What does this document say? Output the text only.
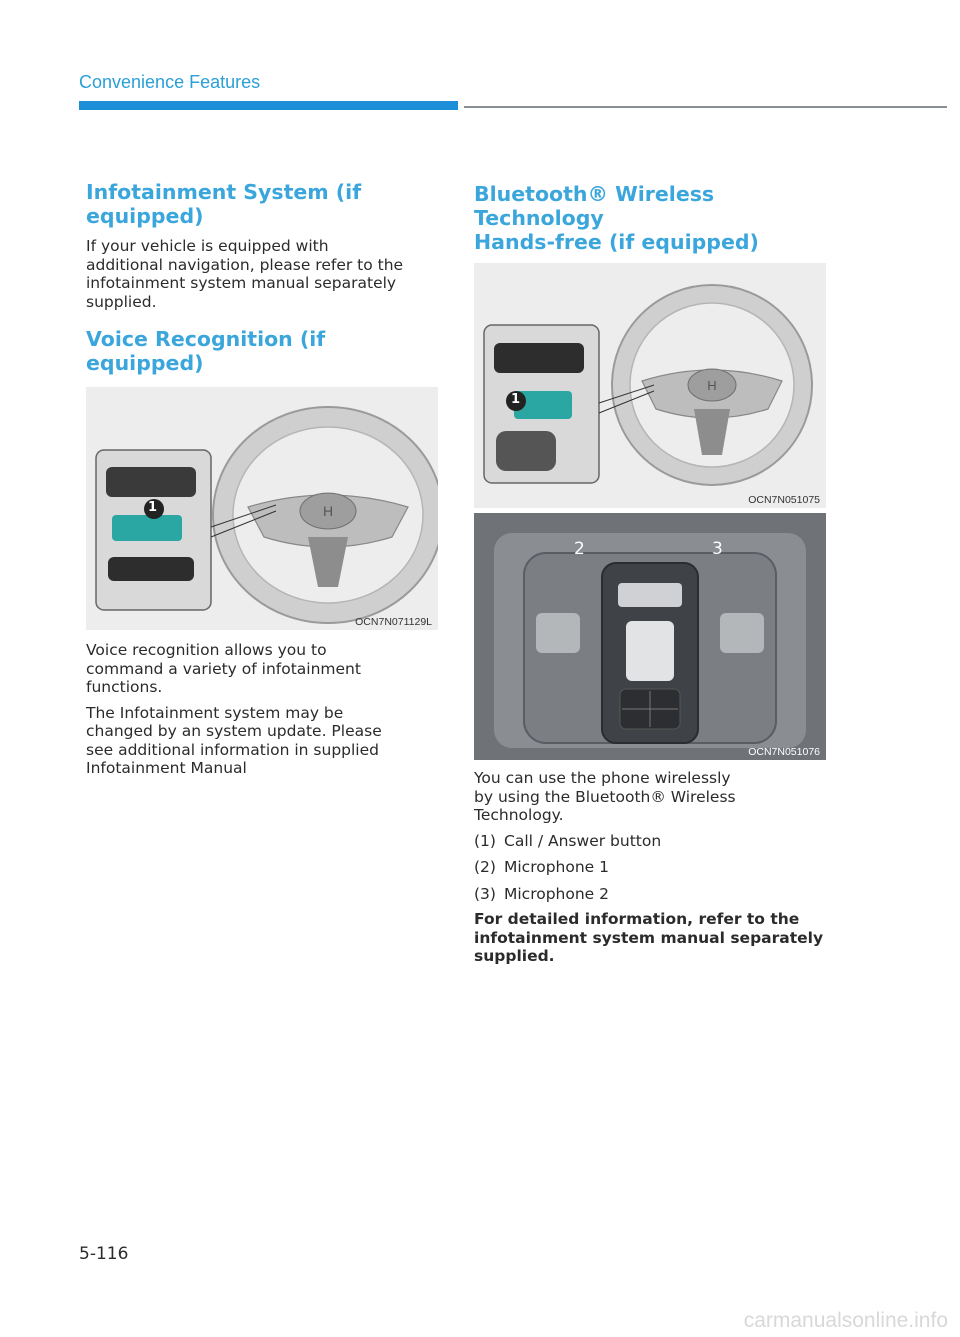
Convenience Features
Infotainment System (if
equipped)

If your vehicle is equipped with
additional navigation, please refer to the
infotainment system manual separately
supplied.

Voice Recognition (if equipped)
H
1
OCN7N071129L

Voice recognition allows you to
command a variety of infotainment
functions.

The Infotainment system may be
changed by an system update. Please
see additional information in supplied
Infotainment Manual

Bluetooth® Wireless Technology
Hands-free (if equipped)
H
1
OCN7N051075
2	3
OCN7N051076

You can use the phone wirelessly
by using the Bluetooth® Wireless
Technology.

(1) Call / Answer button
(2) Microphone 1
(3) Microphone 2

For detailed information, refer to the
infotainment system manual separately
supplied.

5-116
carmanualsonline.info
